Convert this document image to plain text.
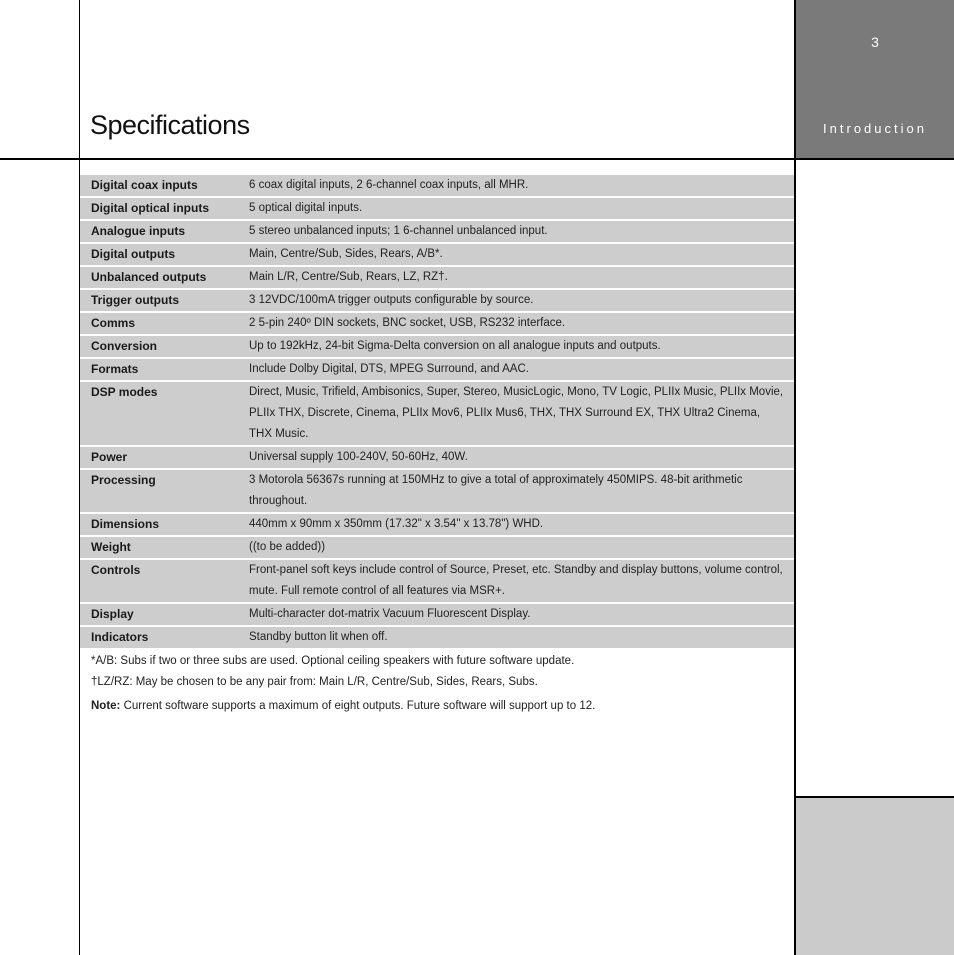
3
Introduction
Specifications
Digital coax inputs	6 coax digital inputs, 2 6-channel coax inputs, all MHR.
Digital optical inputs	5 optical digital inputs.
Analogue inputs	5 stereo unbalanced inputs; 1 6-channel unbalanced input.
Digital outputs	Main, Centre/Sub, Sides, Rears, A/B*.
Unbalanced outputs	Main L/R, Centre/Sub, Rears, LZ, RZ†.
Trigger outputs	3 12VDC/100mA trigger outputs configurable by source.
Comms	2 5-pin 240º DIN sockets, BNC socket, USB, RS232 interface.
Conversion	Up to 192kHz, 24-bit Sigma-Delta conversion on all analogue inputs and outputs.
Formats	Include Dolby Digital, DTS, MPEG Surround, and AAC.
DSP modes	Direct, Music, Trifield, Ambisonics, Super, Stereo, MusicLogic, Mono, TV Logic, PLIIx Music, PLIIx Movie, PLIIx THX, Discrete, Cinema, PLIIx Mov6, PLIIx Mus6, THX, THX Surround EX, THX Ultra2 Cinema, THX Music.
Power	Universal supply 100-240V, 50-60Hz, 40W.
Processing	3 Motorola 56367s running at 150MHz to give a total of approximately 450MIPS. 48-bit arithmetic throughout.
Dimensions	440mm x 90mm x 350mm (17.32" x 3.54" x 13.78") WHD.
Weight	((to be added))
Controls	Front-panel soft keys include control of Source, Preset, etc. Standby and display buttons, volume control, mute. Full remote control of all features via MSR+.
Display	Multi-character dot-matrix Vacuum Fluorescent Display.
Indicators	Standby button lit when off.
*A/B: Subs if two or three subs are used. Optional ceiling speakers with future software update.
†LZ/RZ: May be chosen to be any pair from: Main L/R, Centre/Sub, Sides, Rears, Subs.
Note: Current software supports a maximum of eight outputs. Future software will support up to 12.
